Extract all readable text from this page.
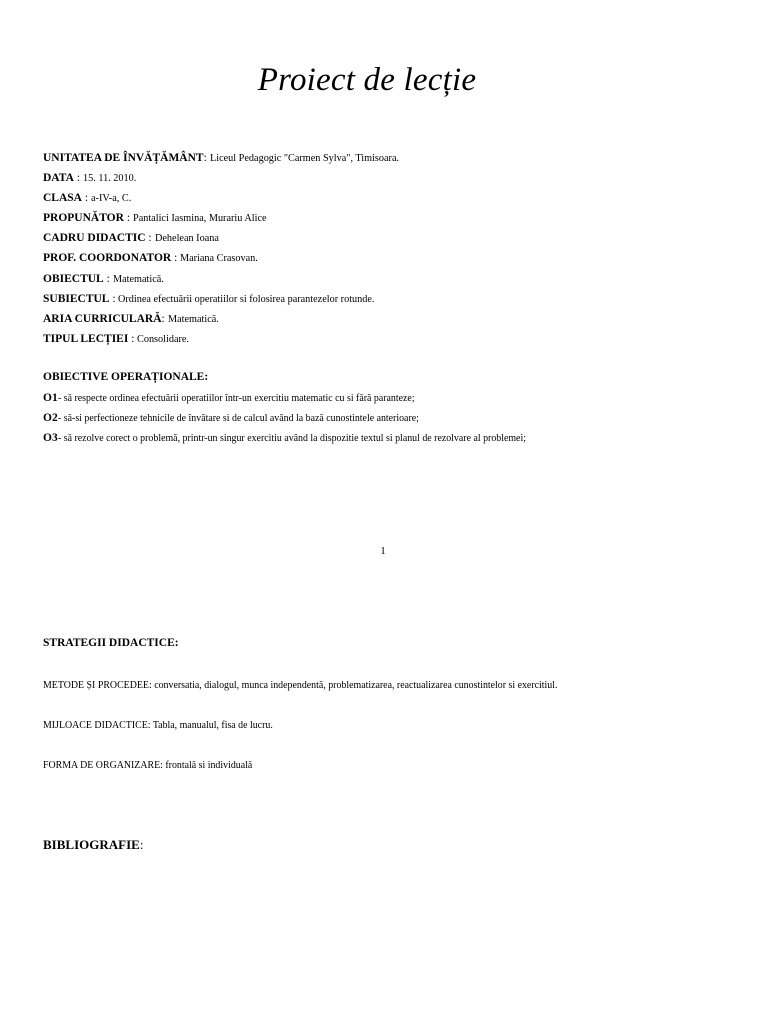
Proiect de lecție
UNITATEA DE ÎNVĂȚĂMÂNT: Liceul Pedagogic "Carmen Sylva", Timisoara.
DATA : 15. 11. 2010.
CLASA : a-IV-a, C.
PROPUNĂTOR : Pantalici Iasmina, Murariu Alice
CADRU DIDACTIC : Dehelean Ioana
PROF. COORDONATOR : Mariana Crasovan.
OBIECTUL : Matematică.
SUBIECTUL : Ordinea efectuării operatiilor si folosirea parantezelor rotunde.
ARIA CURRICULARĂ: Matematică.
TIPUL LECȚIEI : Consolidare.
OBIECTIVE OPERAȚIONALE:
O1- să respecte ordinea efectuării operatiilor într-un exercitiu matematic cu si fără paranteze;
O2- să-si perfectioneze tehnicile de învătare si de calcul având la bază cunostintele anterioare;
O3- să rezolve corect o problemă, printr-un singur exercitiu având la dispozitie textul si planul de rezolvare al problemei;
1
STRATEGII DIDACTICE:
METODE ȘI PROCEDEE: conversatia, dialogul, munca independentă, problematizarea, reactualizarea cunostintelor si exercitiul.
MIJLOACE DIDACTICE: Tabla, manualul, fisa de lucru.
FORMA DE ORGANIZARE: frontală si individuală
BIBLIOGRAFIE:
